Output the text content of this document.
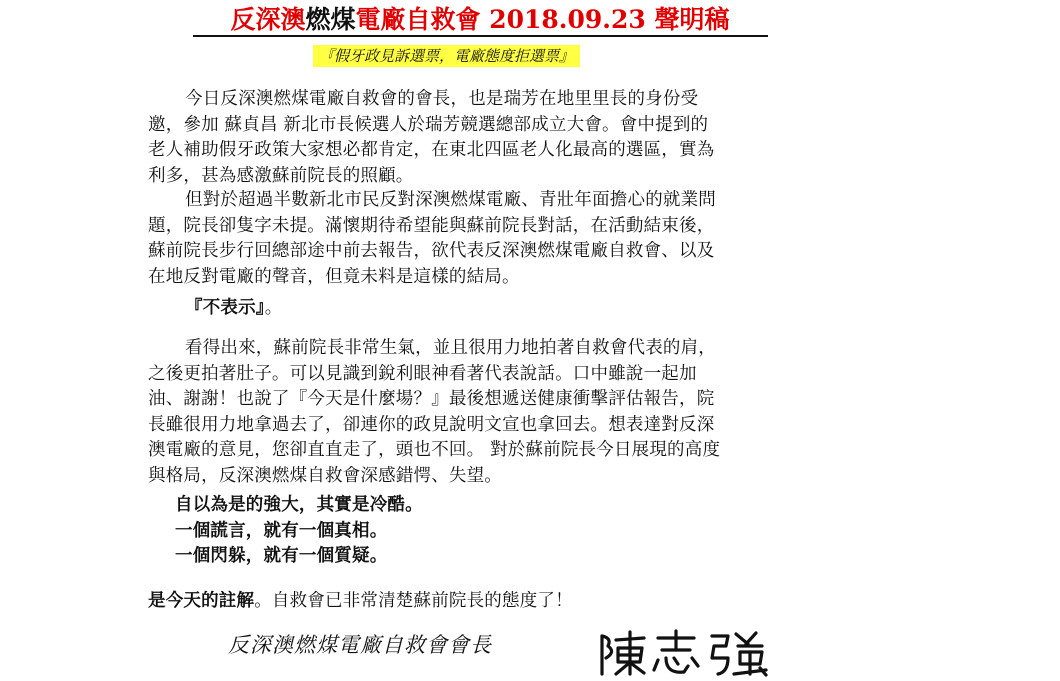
反深澳燃煤電廠自救會 2018.09.23 聲明稿
『假牙政見訴選票，電廠態度拒選票』
今日反深澳燃煤電廠自救會的會長，也是瑞芳在地里里長的身份受
邀，參加 蘇貞昌 新北市長候選人於瑞芳競選總部成立大會。會中提到的
老人補助假牙政策大家想必都肯定，在東北四區老人化最高的選區，實為
利多，甚為感激蘇前院長的照顧。
但對於超過半數新北市民反對深澳燃煤電廠、青壯年面擔心的就業問
題，院長卻隻字未提。滿懷期待希望能與蘇前院長對話，在活動結束後，
蘇前院長步行回總部途中前去報告，欲代表反深澳燃煤電廠自救會、以及
在地反對電廠的聲音，但竟未料是這樣的結局。
『不表示』。
看得出來，蘇前院長非常生氣，並且很用力地拍著自救會代表的肩，
之後更拍著肚子。可以見識到銳利眼神看著代表說話。口中雖說一起加
油、謝謝！也說了『今天是什麼場？』最後想遞送健康衝擊評估報告，院
長雖很用力地拿過去了，卻連你的政見說明文宣也拿回去。想表達對反深
澳電廠的意見，您卻直直走了，頭也不回。 對於蘇前院長今日展現的高度
與格局，反深澳燃煤自救會深感錯愕、失望。
自以為是的強大，其實是冷酷。
一個謊言，就有一個真相。
一個閃躲，就有一個質疑。
是今天的註解。自救會已非常清楚蘇前院長的態度了！
反深澳燃煤電廠自救會會長
